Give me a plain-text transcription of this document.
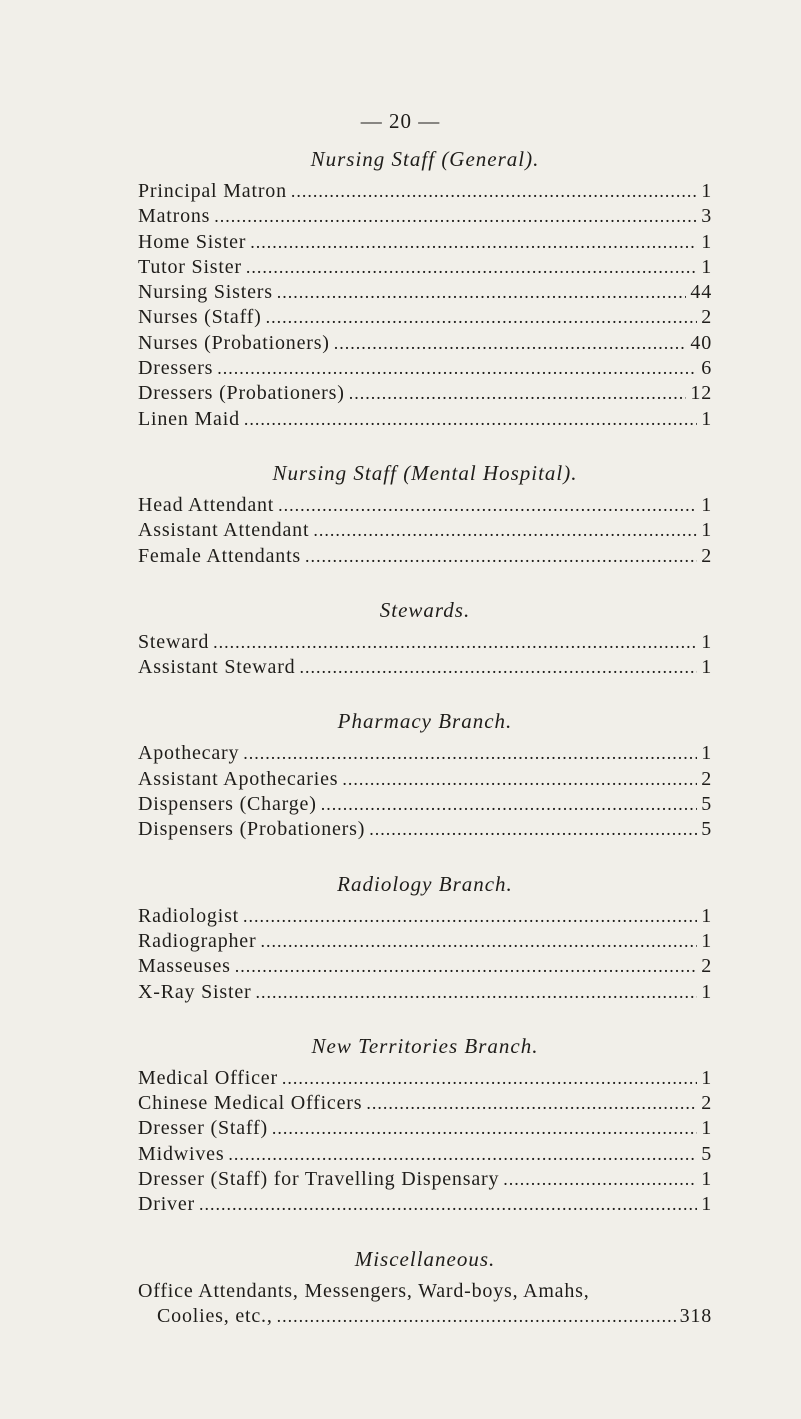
— 20 —
Nursing Staff (General).
Principal Matron .....	1
Matrons .....	3
Home Sister .....	1
Tutor Sister .....	1
Nursing Sisters .....	44
Nurses (Staff) .....	2
Nurses (Probationers) .....	40
Dressers .....	6
Dressers (Probationers) .....	12
Linen Maid .....	1
Nursing Staff (Mental Hospital).
Head Attendant .....	1
Assistant Attendant .....	1
Female Attendants .....	2
Stewards.
Steward .....	1
Assistant Steward .....	1
Pharmacy Branch.
Apothecary .....	1
Assistant Apothecaries .....	2
Dispensers (Charge) .....	5
Dispensers (Probationers) .....	5
Radiology Branch.
Radiologist .....	1
Radiographer .....	1
Masseuses .....	2
X-Ray Sister .....	1
New Territories Branch.
Medical Officer .....	1
Chinese Medical Officers .....	2
Dresser (Staff) .....	1
Midwives .....	5
Dresser (Staff) for Travelling Dispensary .....	1
Driver .....	1
Miscellaneous.
Office Attendants, Messengers, Ward-boys, Amahs,
Coolies, etc., .....	318
